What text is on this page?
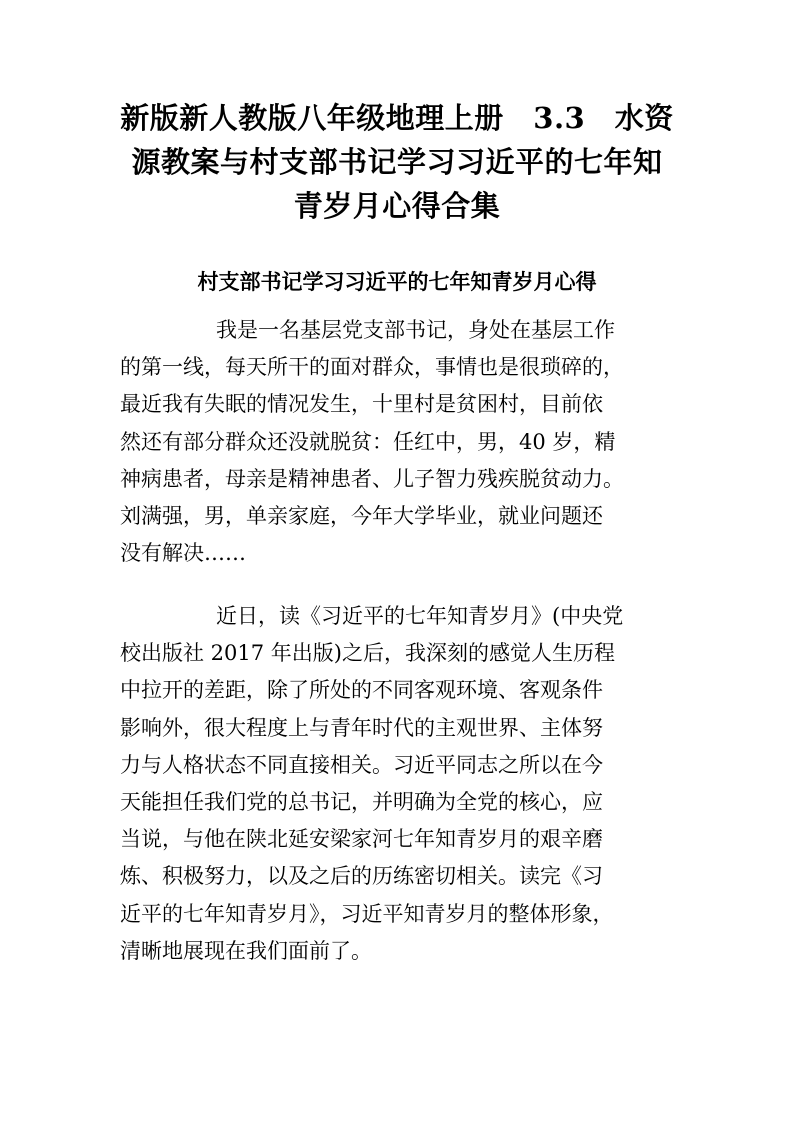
新版新人教版八年级地理上册　3.3　水资
源教案与村支部书记学习习近平的七年知
青岁月心得合集
村支部书记学习习近平的七年知青岁月心得
我是一名基层党支部书记，身处在基层工作
的第一线，每天所干的面对群众，事情也是很琐碎的，
最近我有失眠的情况发生，十里村是贫困村，目前依
然还有部分群众还没就脱贫：任红中，男，40 岁，精
神病患者，母亲是精神患者、儿子智力残疾脱贫动力。
刘满强，男，单亲家庭，今年大学毕业，就业问题还
没有解决……
近日，读《习近平的七年知青岁月》(中央党
校出版社 2017 年出版)之后，我深刻的感觉人生历程
中拉开的差距，除了所处的不同客观环境、客观条件
影响外，很大程度上与青年时代的主观世界、主体努
力与人格状态不同直接相关。习近平同志之所以在今
天能担任我们党的总书记，并明确为全党的核心，应
当说，与他在陕北延安梁家河七年知青岁月的艰辛磨
炼、积极努力，以及之后的历练密切相关。读完《习
近平的七年知青岁月》，习近平知青岁月的整体形象，
清晰地展现在我们面前了。
